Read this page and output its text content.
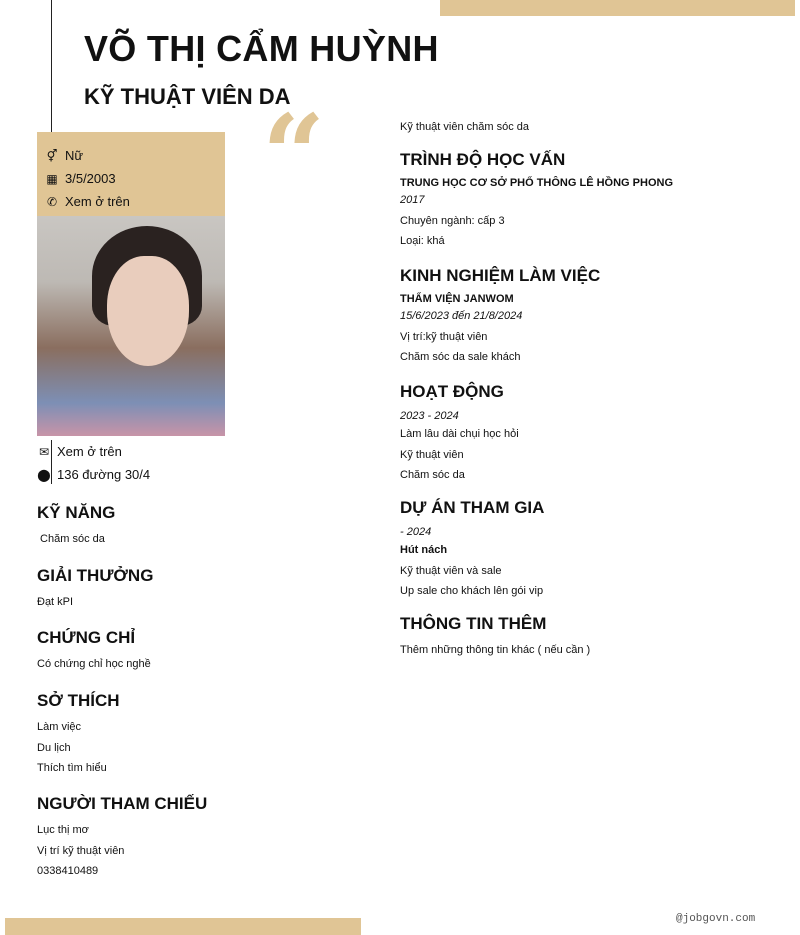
VÕ THỊ CẨM HUỲNH
KỸ THUẬT VIÊN DA
⚥ Nữ
▦ 3/5/2003
✆ Xem ở trên
✉ Xem ở trên
⬤ 136 đường 30/4
“
KỸ NĂNG

Chăm sóc da

GIẢI THƯỞNG

Đạt kPI

CHỨNG CHỈ

Có chứng chỉ học nghề

SỞ THÍCH

Làm việc

Du lịch

Thích tìm hiểu

NGƯỜI THAM CHIẾU

Lục thị mơ

Vị trí kỹ thuật viên

0338410489

Kỹ thuật viên chăm sóc da

TRÌNH ĐỘ HỌC VẤN

TRUNG HỌC CƠ SỞ PHỔ THÔNG LÊ HỒNG PHONG

2017

Chuyên ngành: cấp 3

Loại: khá

KINH NGHIỆM LÀM VIỆC

THẨM VIỆN JANWOM

15/6/2023 đến 21/8/2024

Vị trí:kỹ thuật viên

Chăm sóc da sale khách

HOẠT ĐỘNG

2023 - 2024

Làm lâu dài chụi học hỏi

Kỹ thuật viên

Chăm sóc da

DỰ ÁN THAM GIA

- 2024

Hút nách

Kỹ thuật viên và sale

Up sale cho khách lên gói vip

THÔNG TIN THÊM

Thêm những thông tin khác ( nếu cần )

@jobgovn.com
